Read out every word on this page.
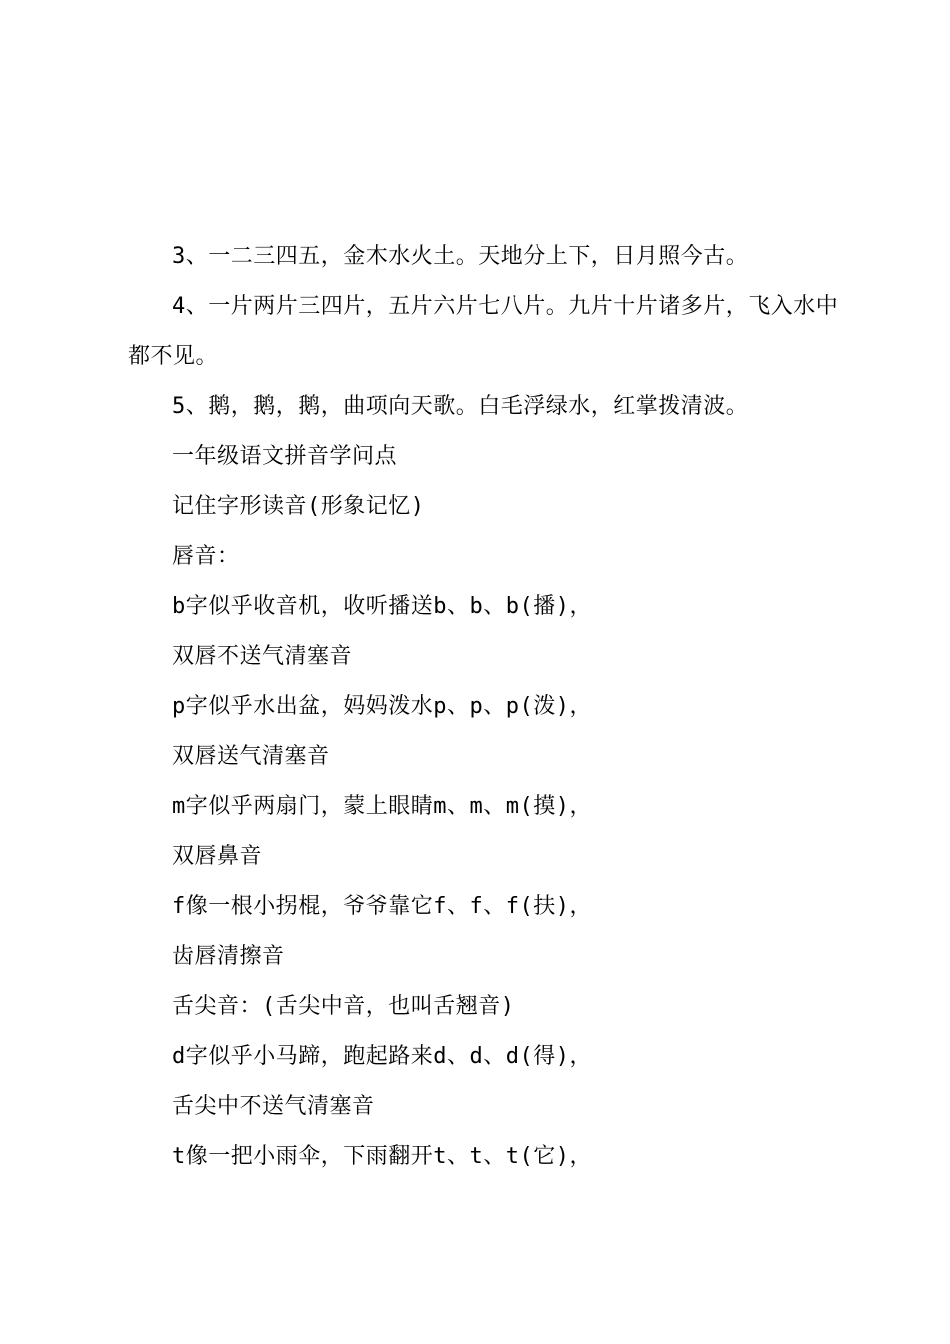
3、一二三四五，金木水火土。天地分上下，日月照今古。

4、一片两片三四片，五片六片七八片。九片十片诸多片，飞入水中都不见。

5、鹅，鹅，鹅，曲项向天歌。白毛浮绿水，红掌拨清波。

一年级语文拼音学问点

记住字形读音(形象记忆)

唇音：

b字似乎收音机，收听播送b、b、b(播)，

双唇不送气清塞音

p字似乎水出盆，妈妈泼水p、p、p(泼)，

双唇送气清塞音

m字似乎两扇门，蒙上眼睛m、m、m(摸)，

双唇鼻音

f像一根小拐棍，爷爷靠它f、f、f(扶)，

齿唇清擦音

舌尖音：(舌尖中音，也叫舌翘音)

d字似乎小马蹄，跑起路来d、d、d(得)，

舌尖中不送气清塞音

t像一把小雨伞，下雨翻开t、t、t(它)，
